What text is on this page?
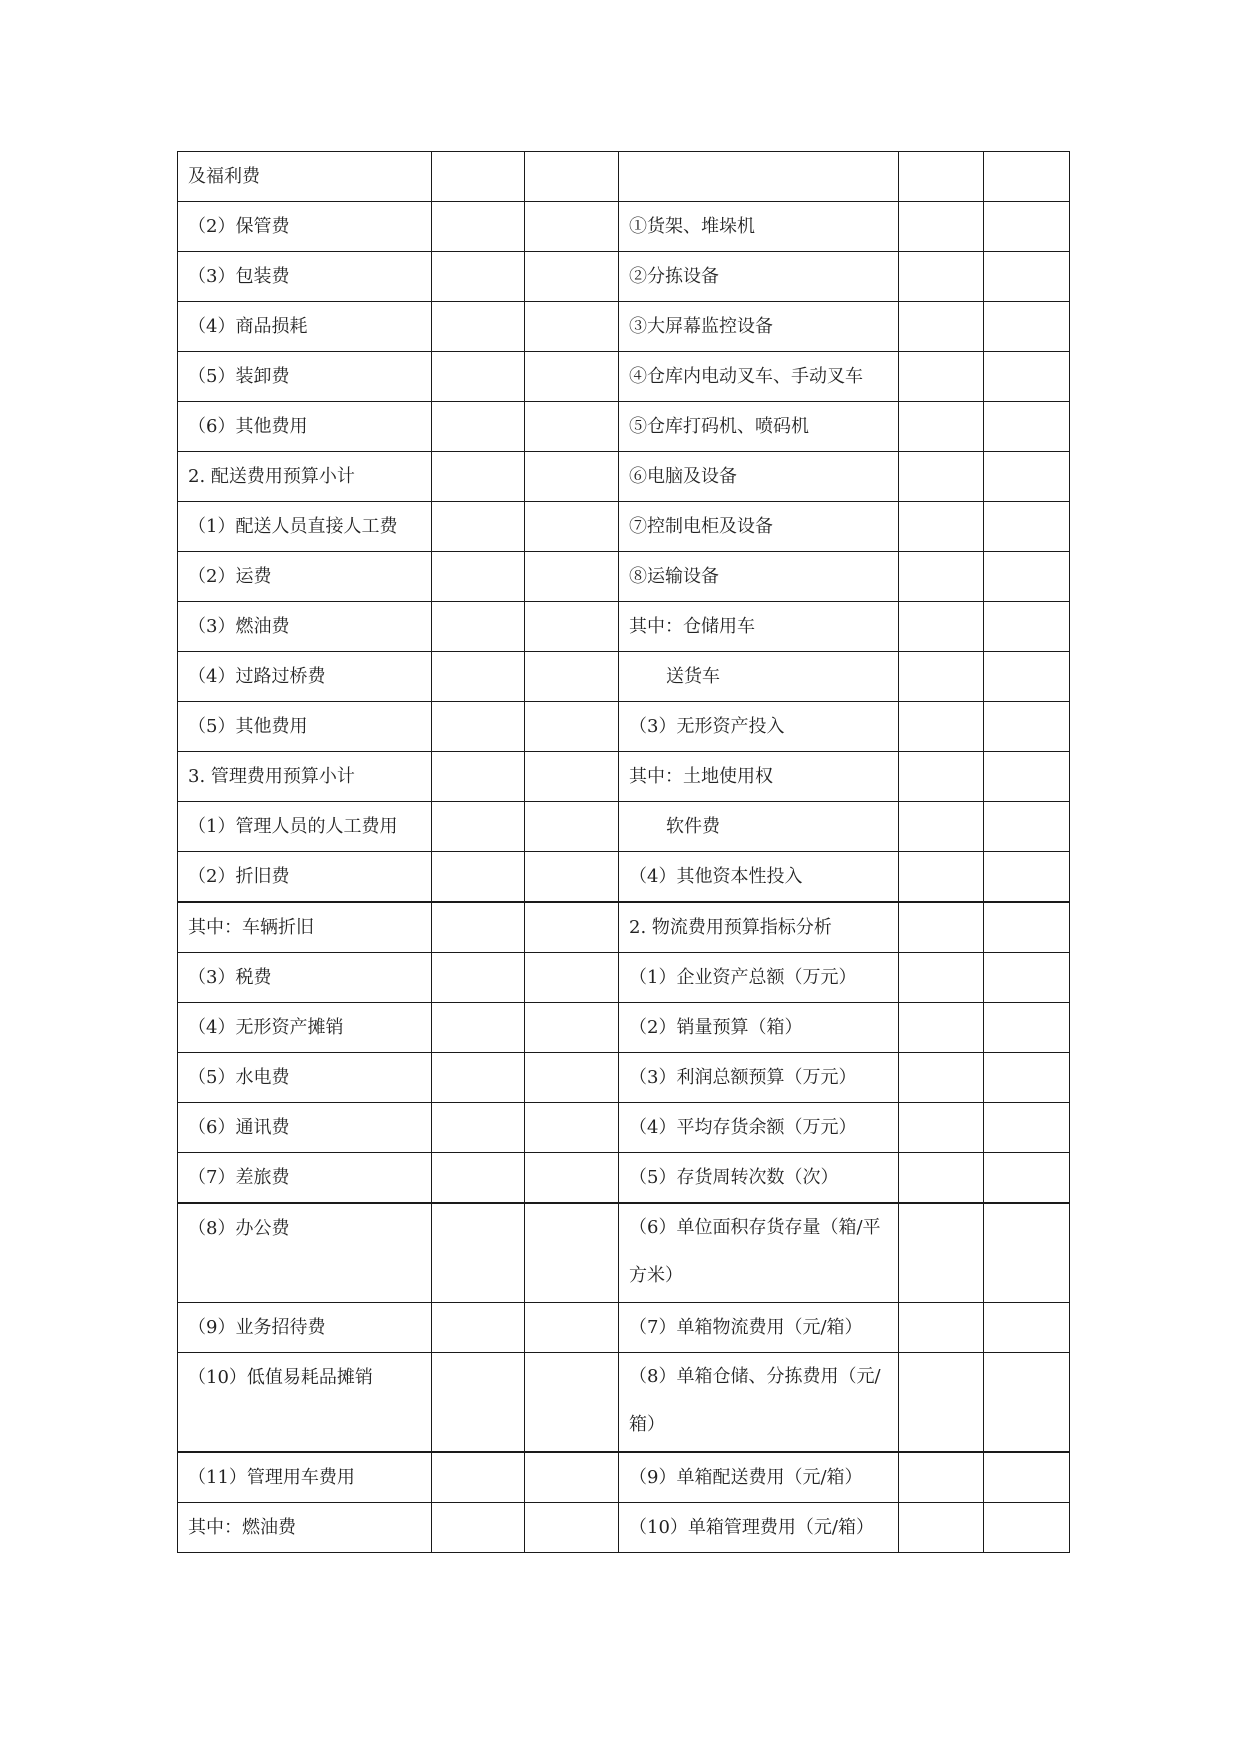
及福利费					
（2）保管费			①货架、堆垛机		
（3）包装费			②分拣设备		
（4）商品损耗			③大屏幕监控设备		
（5）装卸费			④仓库内电动叉车、手动叉车		
（6）其他费用			⑤仓库打码机、喷码机		
2. 配送费用预算小计			⑥电脑及设备		
（1）配送人员直接人工费			⑦控制电柜及设备		
（2）运费			⑧运输设备		
（3）燃油费			其中：仓储用车		
（4）过路过桥费			送货车		
（5）其他费用			（3）无形资产投入		
3. 管理费用预算小计			其中：土地使用权		
（1）管理人员的人工费用			软件费		
（2）折旧费			（4）其他资本性投入		
其中：车辆折旧			2. 物流费用预算指标分析		
（3）税费			（1）企业资产总额（万元）		
（4）无形资产摊销			（2）销量预算（箱）		
（5）水电费			（3）利润总额预算（万元）		
（6）通讯费			（4）平均存货余额（万元）		
（7）差旅费			（5）存货周转次数（次）		
（8）办公费			（6）单位面积存货存量（箱/平方米）		
（9）业务招待费			（7）单箱物流费用（元/箱）		
（10）低值易耗品摊销			（8）单箱仓储、分拣费用（元/箱）		
（11）管理用车费用			（9）单箱配送费用（元/箱）		
其中：燃油费			（10）单箱管理费用（元/箱）		
